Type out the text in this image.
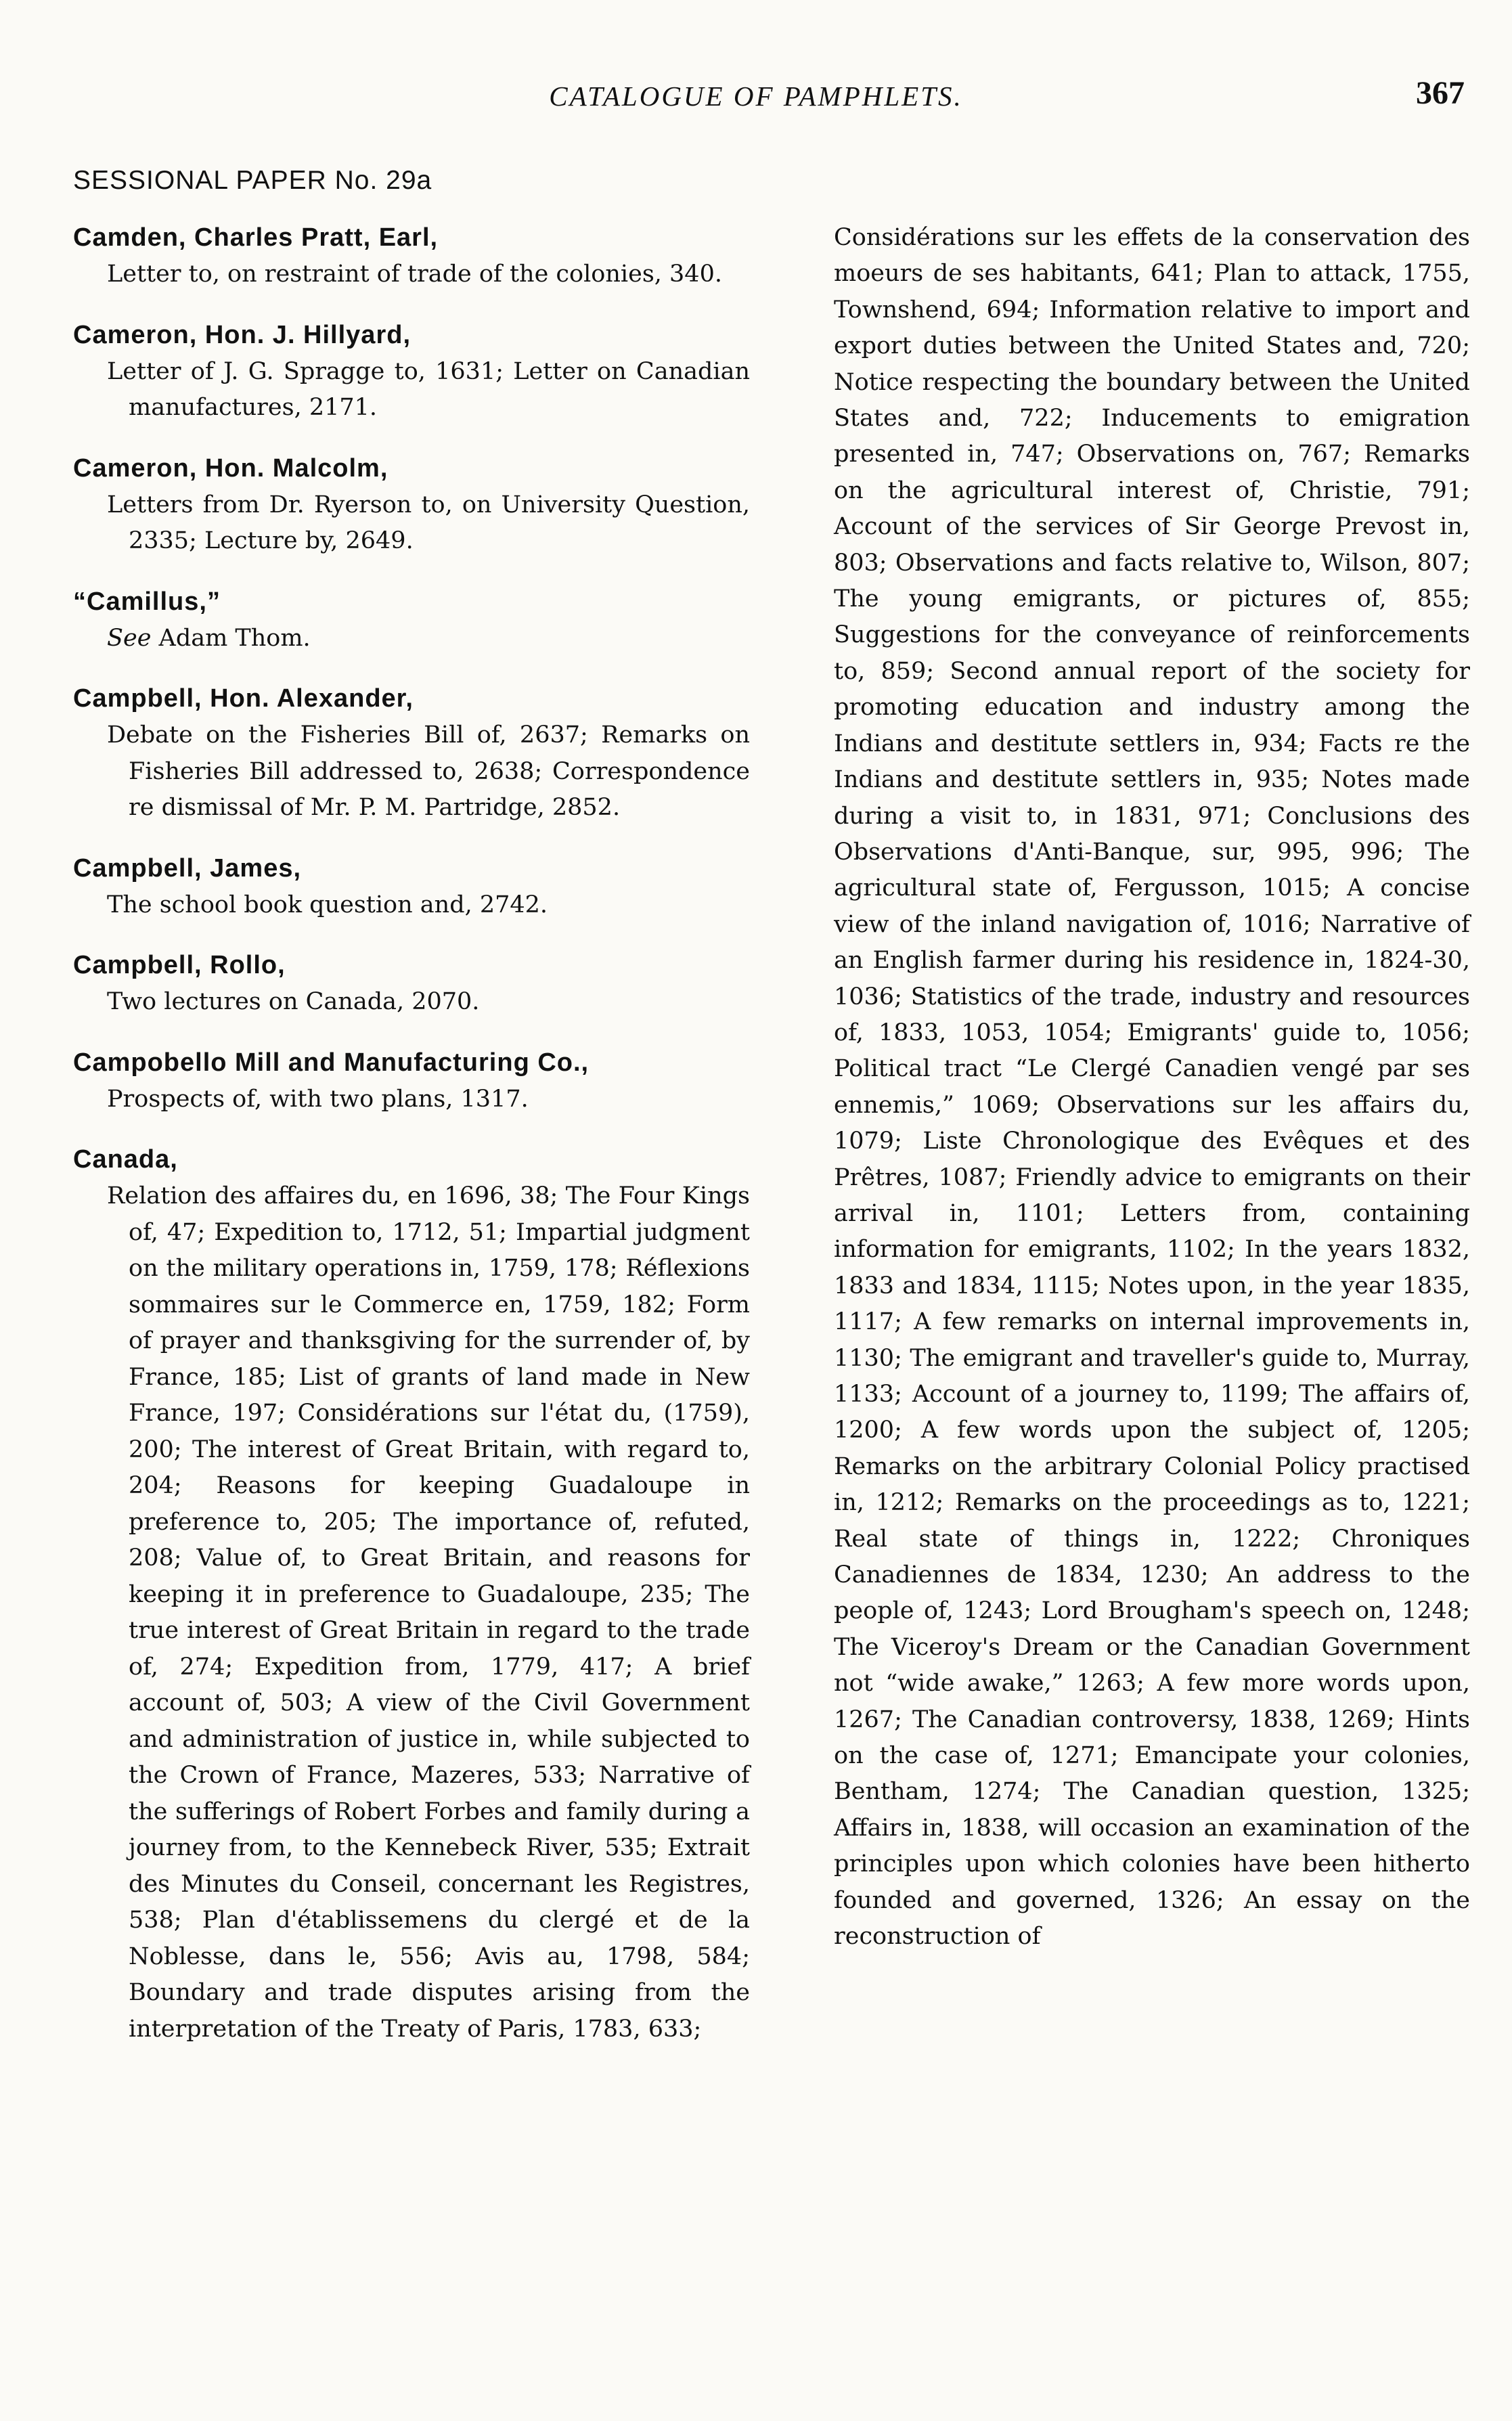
CATALOGUE OF PAMPHLETS.	367
SESSIONAL PAPER No. 29a
Camden, Charles Pratt, Earl,

Letter to, on restraint of trade of the colonies, 340.

Cameron, Hon. J. Hillyard,

Letter of J. G. Spragge to, 1631; Letter on Canadian manufactures, 2171.

Cameron, Hon. Malcolm,

Letters from Dr. Ryerson to, on University Question, 2335; Lecture by, 2649.

“Camillus,”

See Adam Thom.

Campbell, Hon. Alexander,

Debate on the Fisheries Bill of, 2637; Remarks on Fisheries Bill addressed to, 2638; Correspondence re dismissal of Mr. P. M. Partridge, 2852.

Campbell, James,

The school book question and, 2742.

Campbell, Rollo,

Two lectures on Canada, 2070.

Campobello Mill and Manufacturing Co.,

Prospects of, with two plans, 1317.

Canada,

Relation des affaires du, en 1696, 38; The Four Kings of, 47; Expedition to, 1712, 51; Impartial judgment on the military operations in, 1759, 178; Réflexions sommaires sur le Commerce en, 1759, 182; Form of prayer and thanksgiving for the surrender of, by France, 185; List of grants of land made in New France, 197; Considérations sur l'état du, (1759), 200; The interest of Great Britain, with regard to, 204; Reasons for keeping Guadaloupe in preference to, 205; The importance of, refuted, 208; Value of, to Great Britain, and reasons for keeping it in preference to Guadaloupe, 235; The true interest of Great Britain in regard to the trade of, 274; Expedition from, 1779, 417; A brief account of, 503; A view of the Civil Government and administration of justice in, while subjected to the Crown of France, Mazeres, 533; Narrative of the sufferings of Robert Forbes and family during a journey from, to the Kennebeck River, 535; Extrait des Minutes du Conseil, concernant les Registres, 538; Plan d'établissemens du clergé et de la Noblesse, dans le, 556; Avis au, 1798, 584; Boundary and trade disputes arising from the interpretation of the Treaty of Paris, 1783, 633;

Considérations sur les effets de la conservation des moeurs de ses habitants, 641; Plan to attack, 1755, Townshend, 694; Information relative to import and export duties between the United States and, 720; Notice respecting the boundary between the United States and, 722; Inducements to emigration presented in, 747; Observations on, 767; Remarks on the agricultural interest of, Christie, 791; Account of the services of Sir George Prevost in, 803; Observations and facts relative to, Wilson, 807; The young emigrants, or pictures of, 855; Suggestions for the conveyance of reinforcements to, 859; Second annual report of the society for promoting education and industry among the Indians and destitute settlers in, 934; Facts re the Indians and destitute settlers in, 935; Notes made during a visit to, in 1831, 971; Conclusions des Observations d'Anti-Banque, sur, 995, 996; The agricultural state of, Fergusson, 1015; A concise view of the inland navigation of, 1016; Narrative of an English farmer during his residence in, 1824-30, 1036; Statistics of the trade, industry and resources of, 1833, 1053, 1054; Emigrants' guide to, 1056; Political tract “Le Clergé Canadien vengé par ses ennemis,” 1069; Observations sur les affairs du, 1079; Liste Chronologique des Evêques et des Prêtres, 1087; Friendly advice to emigrants on their arrival in, 1101; Letters from, containing information for emigrants, 1102; In the years 1832, 1833 and 1834, 1115; Notes upon, in the year 1835, 1117; A few remarks on internal improvements in, 1130; The emigrant and traveller's guide to, Murray, 1133; Account of a journey to, 1199; The affairs of, 1200; A few words upon the subject of, 1205; Remarks on the arbitrary Colonial Policy practised in, 1212; Remarks on the proceedings as to, 1221; Real state of things in, 1222; Chroniques Canadiennes de 1834, 1230; An address to the people of, 1243; Lord Brougham's speech on, 1248; The Viceroy's Dream or the Canadian Government not “wide awake,” 1263; A few more words upon, 1267; The Canadian controversy, 1838, 1269; Hints on the case of, 1271; Emancipate your colonies, Bentham, 1274; The Canadian question, 1325; Affairs in, 1838, will occasion an examination of the principles upon which colonies have been hitherto founded and governed, 1326; An essay on the reconstruction of
